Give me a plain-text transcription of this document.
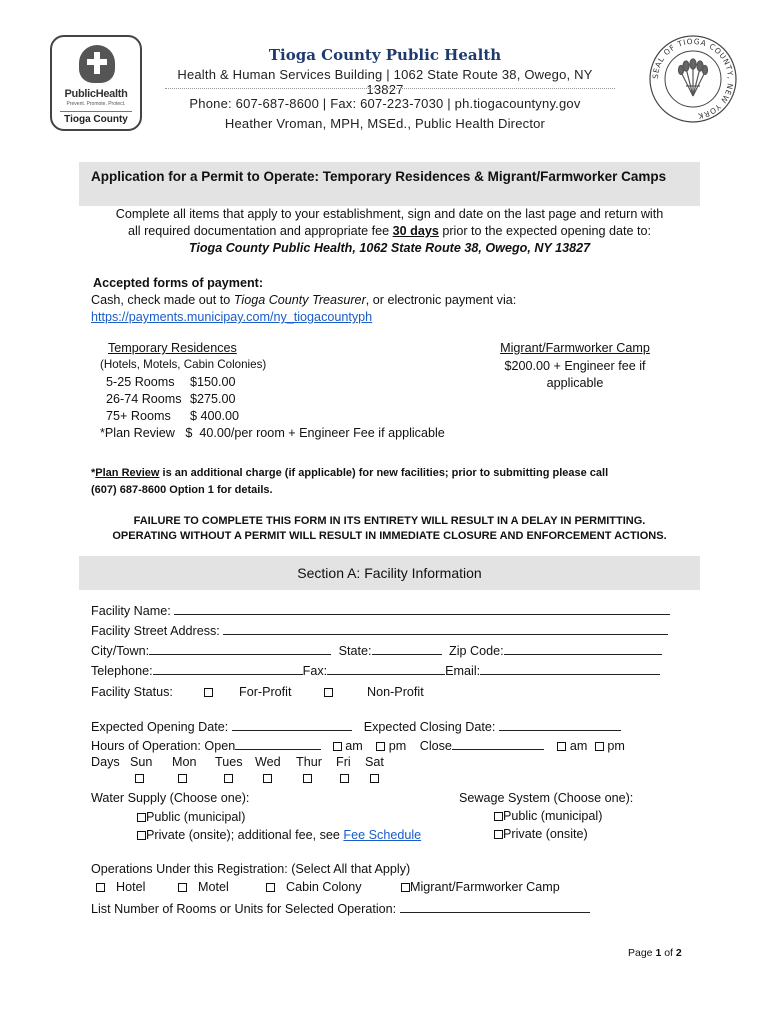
PublicHealth
Prevent. Promote. Protect.
Tioga County
Tioga County Public Health
Health & Human Services Building | 1062 State Route 38, Owego, NY 13827
Phone: 607-687-8600 | Fax: 607-223-7030 | ph.tiogacountyny.gov
Heather Vroman, MPH, MSEd., Public Health Director
SEAL OF TIOGA COUNTY, NEW YORK
Application for a Permit to Operate: Temporary Residences & Migrant/Farmworker Camps
Complete all items that apply to your establishment, sign and date on the last page and return with
all required documentation and appropriate fee 30 days prior to the expected opening date to:
Tioga County Public Health, 1062 State Route 38, Owego, NY 13827
Accepted forms of payment:
Cash, check made out to Tioga County Treasurer, or electronic payment via:
https://payments.municipay.com/ny_tiogacountyph
Temporary Residences
(Hotels, Motels, Cabin Colonies)
5-25 Rooms $150.00
26-74 Rooms $275.00
75+ Rooms $ 400.00
*Plan Review   $  40.00/per room + Engineer Fee if applicable
Migrant/Farmworker Camp
$200.00 + Engineer fee if
applicable
*Plan Review is an additional charge (if applicable) for new facilities; prior to submitting please call
(607) 687-8600 Option 1 for details.
FAILURE TO COMPLETE THIS FORM IN ITS ENTIRETY WILL RESULT IN A DELAY IN PERMITTING.
OPERATING WITHOUT A PERMIT WILL RESULT IN IMMEDIATE CLOSURE AND ENFORCEMENT ACTIONS.
Section A: Facility Information
Facility Name:
Facility Street Address:
City/Town:	State:	Zip Code:
Telephone:	Fax:	Email:
Facility Status:	For-Profit	Non-Profit
Expected Opening Date:	Expected Closing Date:
Hours of Operation: Open	am pm Close	am pm
Days Sun Mon Tues Wed Thur Fri Sat
Water Supply (Choose one):
Public (municipal)
Private (onsite); additional fee, see Fee Schedule
Sewage System (Choose one):
Public (municipal)
Private (onsite)
Operations Under this Registration: (Select All that Apply)
Hotel	Motel	Cabin Colony	Migrant/Farmworker Camp
List Number of Rooms or Units for Selected Operation:
Page 1 of 2
